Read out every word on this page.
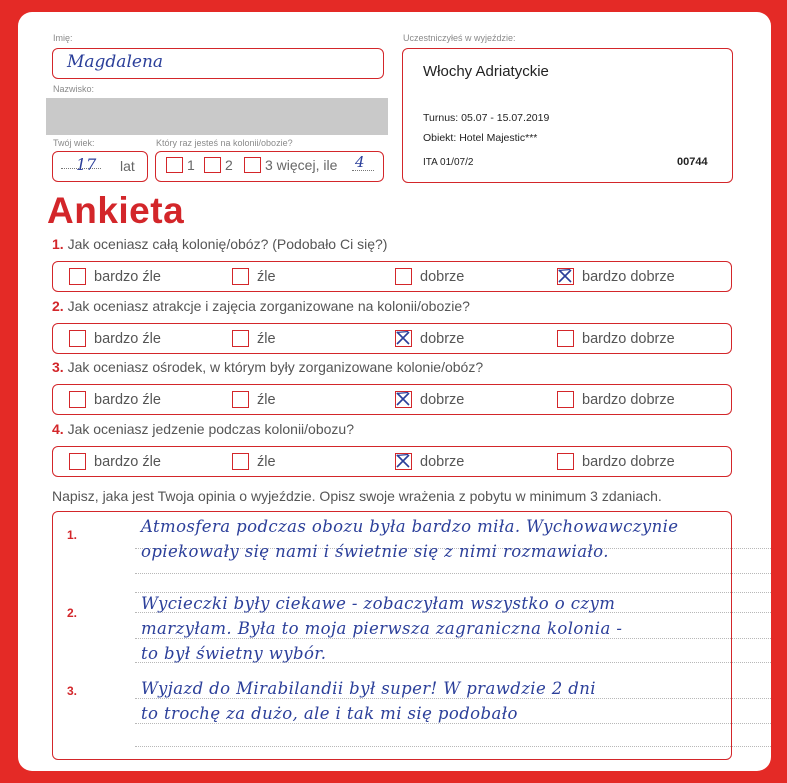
Imię:
Magdalena
Nazwisko:
Twój wiek:
17 lat
Który raz jesteś na kolonii/obozie?
1 2 3 więcej, ile 4
Uczestniczyłeś w wyjeździe:
Włochy Adriatyckie
Turnus: 05.07 - 15.07.2019
Obiekt: Hotel Majestic***
ITA 01/07/2	00744
Ankieta
1. Jak oceniasz całą kolonię/obóz? (Podobało Ci się?)
bardzo źle	źle	dobrze	bardzo dobrze
2. Jak oceniasz atrakcje i zajęcia zorganizowane na kolonii/obozie?
bardzo źle	źle	dobrze	bardzo dobrze
3. Jak oceniasz ośrodek, w którym były zorganizowane kolonie/obóz?
bardzo źle	źle	dobrze	bardzo dobrze
4. Jak oceniasz jedzenie podczas kolonii/obozu?
bardzo źle	źle	dobrze	bardzo dobrze
Napisz, jaka jest Twoja opinia o wyjeździe. Opisz swoje wrażenia z pobytu w minimum 3 zdaniach.
1.	Atmosfera podczas obozu była bardzo miła. Wychowawczynie
opiekowały się nami i świetnie się z nimi rozmawiało.
2.	Wycieczki były ciekawe - zobaczyłam wszystko o czym
marzyłam. Była to moja pierwsza zagraniczna kolonia -
to był świetny wybór.
3.	Wyjazd do Mirabilandii był super! W prawdzie 2 dni
to trochę za dużo, ale i tak mi się podobało
